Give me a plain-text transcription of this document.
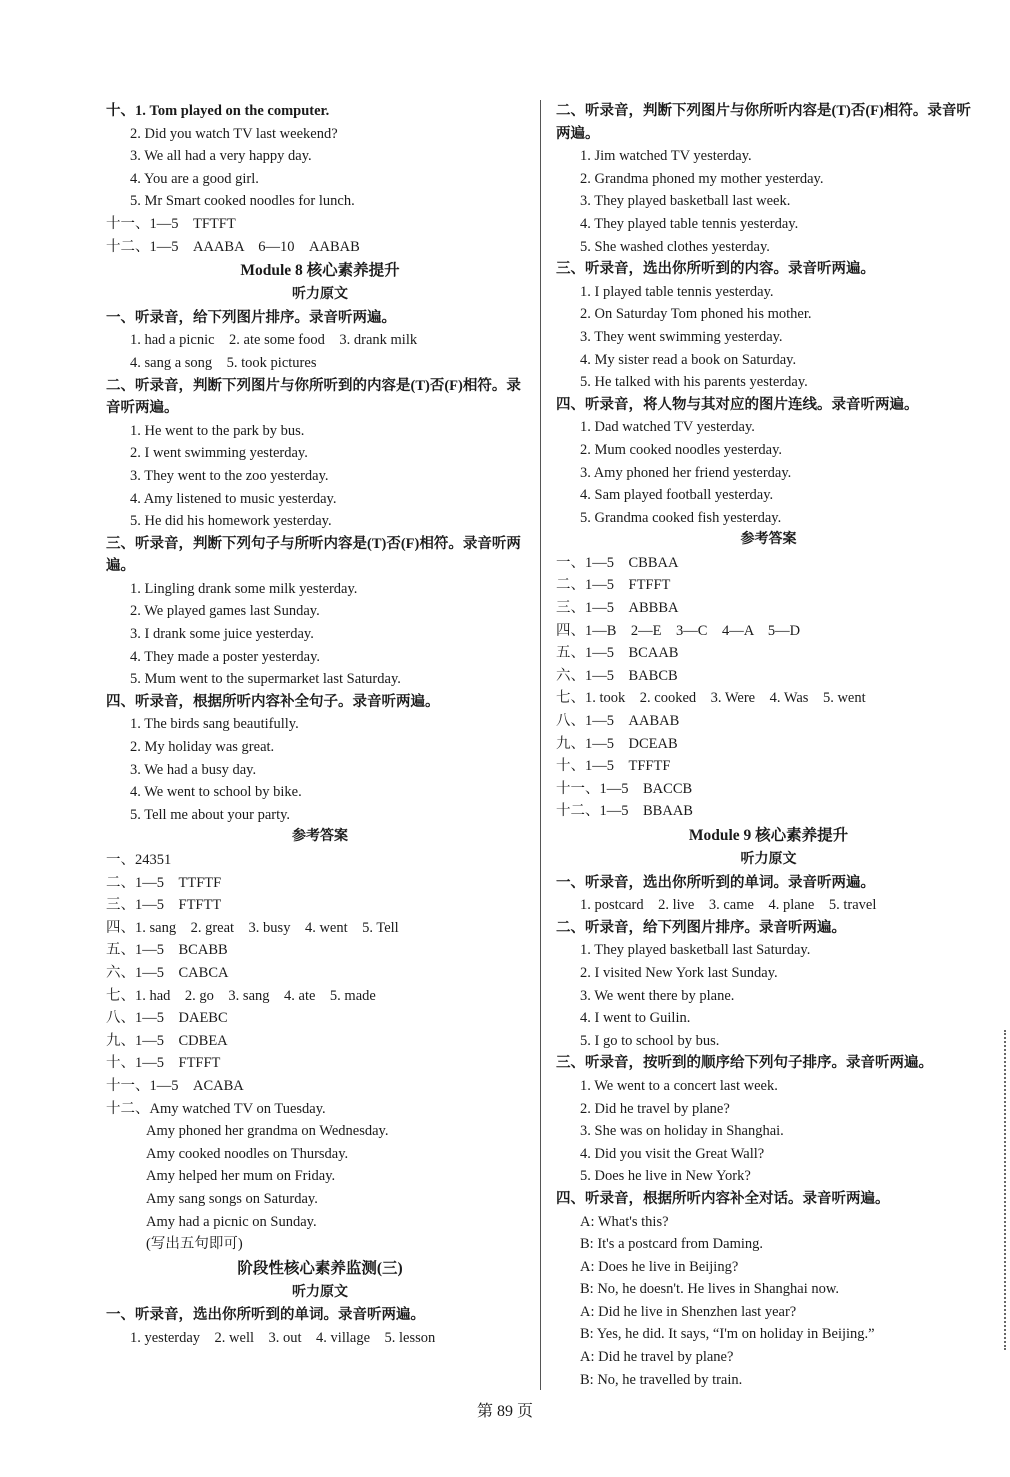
十、1. Tom played on the computer.
2. Did you watch TV last weekend?
3. We all had a very happy day.
4. You are a good girl.
5. Mr Smart cooked noodles for lunch.
十一、1—5　TFTFT
十二、1—5　AAABA　6—10　AABAB
Module 8 核心素养提升
听力原文
一、听录音，给下列图片排序。录音听两遍。
1. had a picnic　2. ate some food　3. drank milk
4. sang a song　5. took pictures
二、听录音，判断下列图片与你所听到的内容是(T)否(F)相符。录音听两遍。
1. He went to the park by bus.
2. I went swimming yesterday.
3. They went to the zoo yesterday.
4. Amy listened to music yesterday.
5. He did his homework yesterday.
三、听录音，判断下列句子与所听内容是(T)否(F)相符。录音听两遍。
1. Lingling drank some milk yesterday.
2. We played games last Sunday.
3. I drank some juice yesterday.
4. They made a poster yesterday.
5. Mum went to the supermarket last Saturday.
四、听录音，根据所听内容补全句子。录音听两遍。
1. The birds sang beautifully.
2. My holiday was great.
3. We had a busy day.
4. We went to school by bike.
5. Tell me about your party.
参考答案
一、24351
二、1—5　TTFTF
三、1—5　FTFTT
四、1. sang　2. great　3. busy　4. went　5. Tell
五、1—5　BCABB
六、1—5　CABCA
七、1. had　2. go　3. sang　4. ate　5. made
八、1—5　DAEBC
九、1—5　CDBEA
十、1—5　FTFFT
十一、1—5　ACABA
十二、Amy watched TV on Tuesday.
Amy phoned her grandma on Wednesday.
Amy cooked noodles on Thursday.
Amy helped her mum on Friday.
Amy sang songs on Saturday.
Amy had a picnic on Sunday.
(写出五句即可)
阶段性核心素养监测(三)
听力原文
一、听录音，选出你所听到的单词。录音听两遍。
1. yesterday　2. well　3. out　4. village　5. lesson
二、听录音，判断下列图片与你所听内容是(T)否(F)相符。录音听两遍。
1. Jim watched TV yesterday.
2. Grandma phoned my mother yesterday.
3. They played basketball last week.
4. They played table tennis yesterday.
5. She washed clothes yesterday.
三、听录音，选出你所听到的内容。录音听两遍。
1. I played table tennis yesterday.
2. On Saturday Tom phoned his mother.
3. They went swimming yesterday.
4. My sister read a book on Saturday.
5. He talked with his parents yesterday.
四、听录音，将人物与其对应的图片连线。录音听两遍。
1. Dad watched TV yesterday.
2. Mum cooked noodles yesterday.
3. Amy phoned her friend yesterday.
4. Sam played football yesterday.
5. Grandma cooked fish yesterday.
参考答案
一、1—5　CBBAA
二、1—5　FTFFT
三、1—5　ABBBA
四、1—B　2—E　3—C　4—A　5—D
五、1—5　BCAAB
六、1—5　BABCB
七、1. took　2. cooked　3. Were　4. Was　5. went
八、1—5　AABAB
九、1—5　DCEAB
十、1—5　TFFTF
十一、1—5　BACCB
十二、1—5　BBAAB
Module 9 核心素养提升
听力原文
一、听录音，选出你所听到的单词。录音听两遍。
1. postcard　2. live　3. came　4. plane　5. travel
二、听录音，给下列图片排序。录音听两遍。
1. They played basketball last Saturday.
2. I visited New York last Sunday.
3. We went there by plane.
4. I went to Guilin.
5. I go to school by bus.
三、听录音，按听到的顺序给下列句子排序。录音听两遍。
1. We went to a concert last week.
2. Did he travel by plane?
3. She was on holiday in Shanghai.
4. Did you visit the Great Wall?
5. Does he live in New York?
四、听录音，根据所听内容补全对话。录音听两遍。
A: What's this?
B: It's a postcard from Daming.
A: Does he live in Beijing?
B: No, he doesn't. He lives in Shanghai now.
A: Did he live in Shenzhen last year?
B: Yes, he did. It says, “I'm on holiday in Beijing.”
A: Did he travel by plane?
B: No, he travelled by train.
第 89 页
